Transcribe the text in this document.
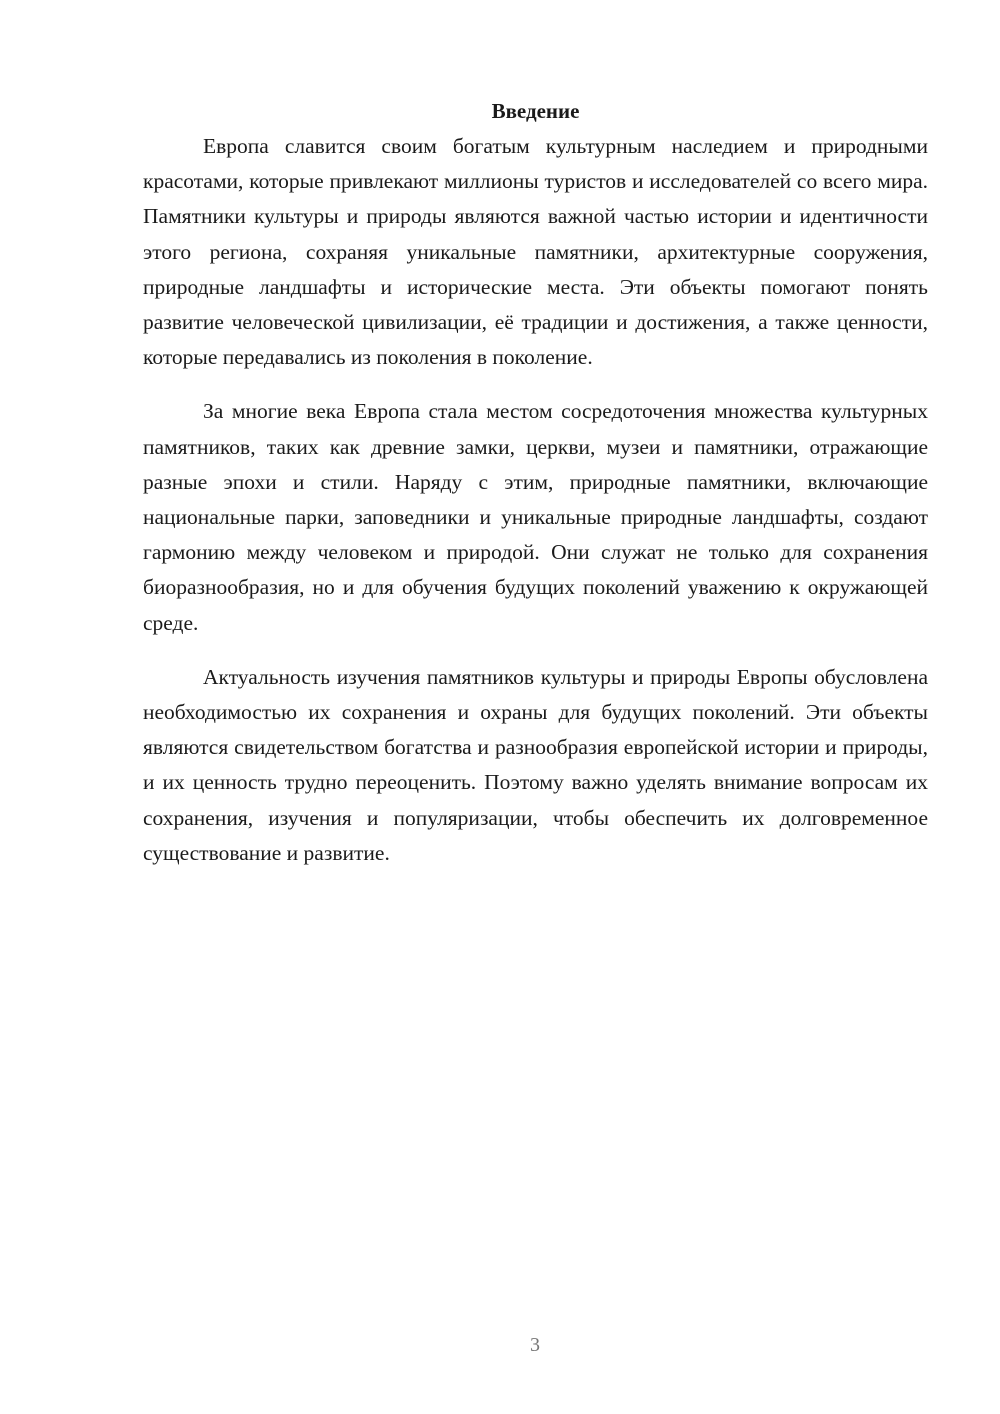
Введение

Европа славится своим богатым культурным наследием и природными красотами, которые привлекают миллионы туристов и исследователей со всего мира. Памятники культуры и природы являются важной частью истории и идентичности этого региона, сохраняя уникальные памятники, архитектурные сооружения, природные ландшафты и исторические места. Эти объекты помогают понять развитие человеческой цивилизации, её традиции и достижения, а также ценности, которые передавались из поколения в поколение.

За многие века Европа стала местом сосредоточения множества культурных памятников, таких как древние замки, церкви, музеи и памятники, отражающие разные эпохи и стили. Наряду с этим, природные памятники, включающие национальные парки, заповедники и уникальные природные ландшафты, создают гармонию между человеком и природой. Они служат не только для сохранения биоразнообразия, но и для обучения будущих поколений уважению к окружающей среде.

Актуальность изучения памятников культуры и природы Европы обусловлена необходимостью их сохранения и охраны для будущих поколений. Эти объекты являются свидетельством богатства и разнообразия европейской истории и природы, и их ценность трудно переоценить. Поэтому важно уделять внимание вопросам их сохранения, изучения и популяризации, чтобы обеспечить их долговременное существование и развитие.

3
